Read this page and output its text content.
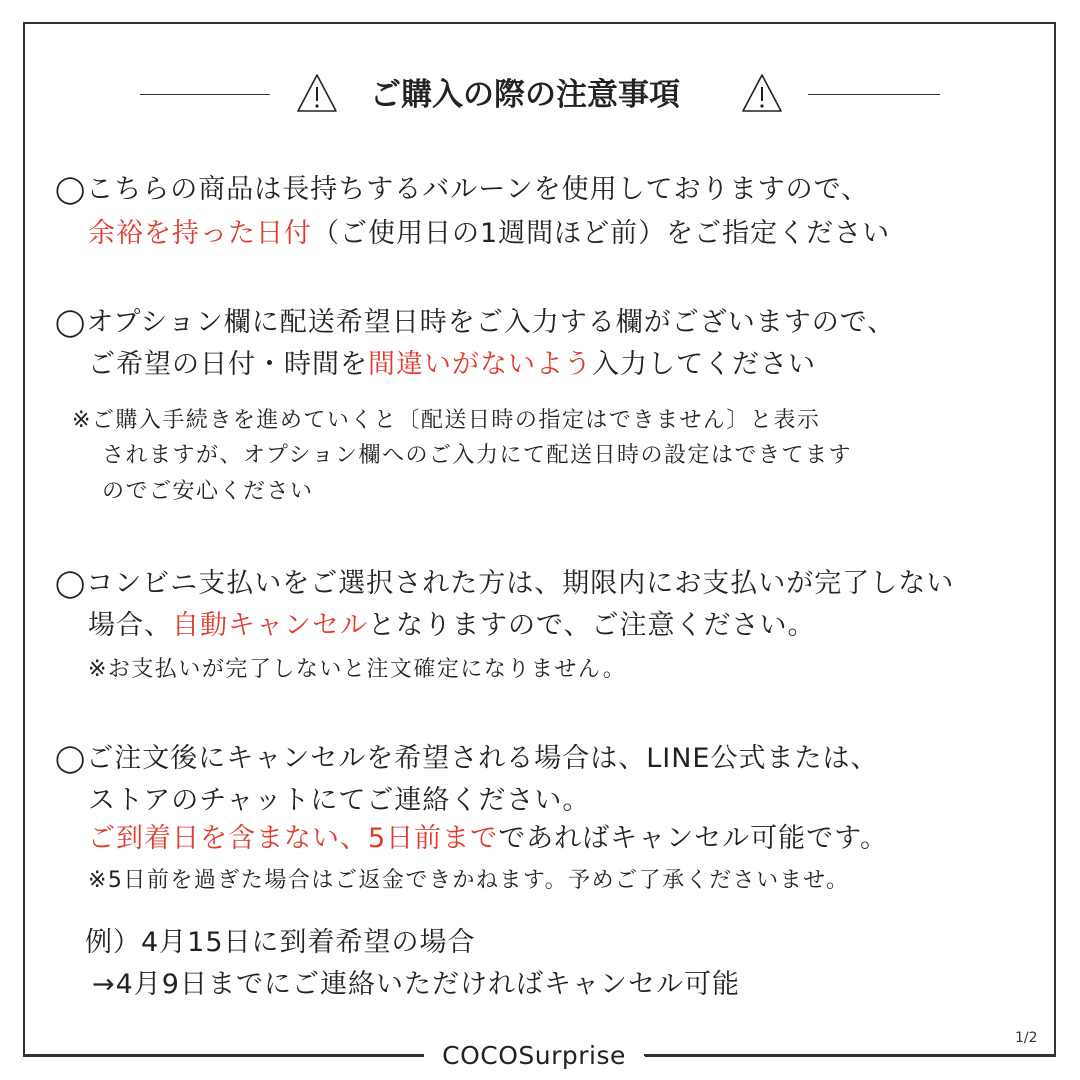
ご購入の際の注意事項
◯こちらの商品は長持ちするバルーンを使用しておりますので、
余裕を持った日付（ご使用日の1週間ほど前）をご指定ください
◯オプション欄に配送希望日時をご入力する欄がございますので、
ご希望の日付・時間を間違いがないよう入力してください
※ご購入手続きを進めていくと〔配送日時の指定はできません〕と表示
されますが、オプション欄へのご入力にて配送日時の設定はできてます
のでご安心ください
◯コンビニ支払いをご選択された方は、期限内にお支払いが完了しない
場合、自動キャンセルとなりますので、ご注意ください。
※お支払いが完了しないと注文確定になりません。
◯ご注文後にキャンセルを希望される場合は、LINE公式または、
ストアのチャットにてご連絡ください。
ご到着日を含まない、5日前までであればキャンセル可能です。
※5日前を過ぎた場合はご返金できかねます。予めご了承くださいませ。
例）4月15日に到着希望の場合
→4月9日までにご連絡いただければキャンセル可能
COCOSurprise
1/2
